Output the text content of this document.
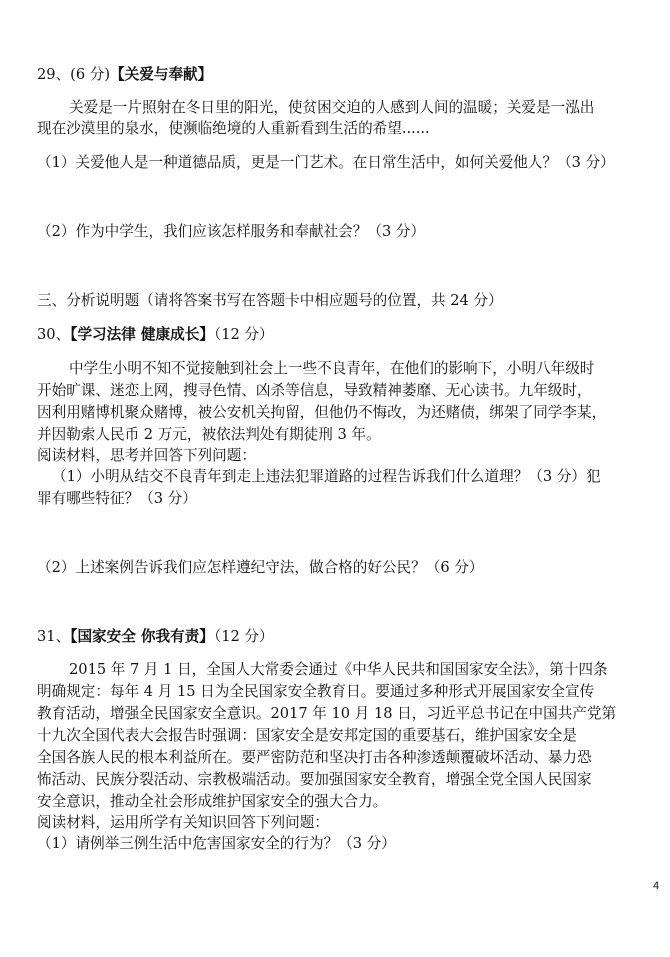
29、(6 分)【关爱与奉献】
关爱是一片照射在冬日里的阳光，使贫困交迫的人感到人间的温暖；关爱是一泓出
现在沙漠里的泉水，使濒临绝境的人重新看到生活的希望......
（1）关爱他人是一种道德品质，更是一门艺术。在日常生活中，如何关爱他人？（3 分）
（2）作为中学生，我们应该怎样服务和奉献社会？（3 分）
三、分析说明题（请将答案书写在答题卡中相应题号的位置，共 24 分）
30、【学习法律 健康成长】（12 分）
中学生小明不知不觉接触到社会上一些不良青年，在他们的影响下，小明八年级时
开始旷课、迷恋上网，搜寻色情、凶杀等信息，导致精神萎靡、无心读书。九年级时，
因利用赌博机聚众赌博，被公安机关拘留，但他仍不悔改，为还赌债，绑架了同学李某，
并因勒索人民币 2 万元，被依法判处有期徒刑 3 年。
阅读材料，思考并回答下列问题：
（1）小明从结交不良青年到走上违法犯罪道路的过程告诉我们什么道理？（3 分）犯
罪有哪些特征？（3 分）
（2）上述案例告诉我们应怎样遵纪守法，做合格的好公民？（6 分）
31、【国家安全 你我有责】（12 分）
2015 年 7 月 1 日，全国人大常委会通过《中华人民共和国国家安全法》，第十四条
明确规定：每年 4 月 15 日为全民国家安全教育日。要通过多种形式开展国家安全宣传
教育活动，增强全民国家安全意识。2017 年 10 月 18 日，习近平总书记在中国共产党第
十九次全国代表大会报告时强调：国家安全是安邦定国的重要基石，维护国家安全是
全国各族人民的根本利益所在。要严密防范和坚决打击各种渗透颠覆破坏活动、暴力恐
怖活动、民族分裂活动、宗教极端活动。要加强国家安全教育，增强全党全国人民国家
安全意识，推动全社会形成维护国家安全的强大合力。
阅读材料，运用所学有关知识回答下列问题：
（1）请例举三例生活中危害国家安全的行为？（3 分）
4
